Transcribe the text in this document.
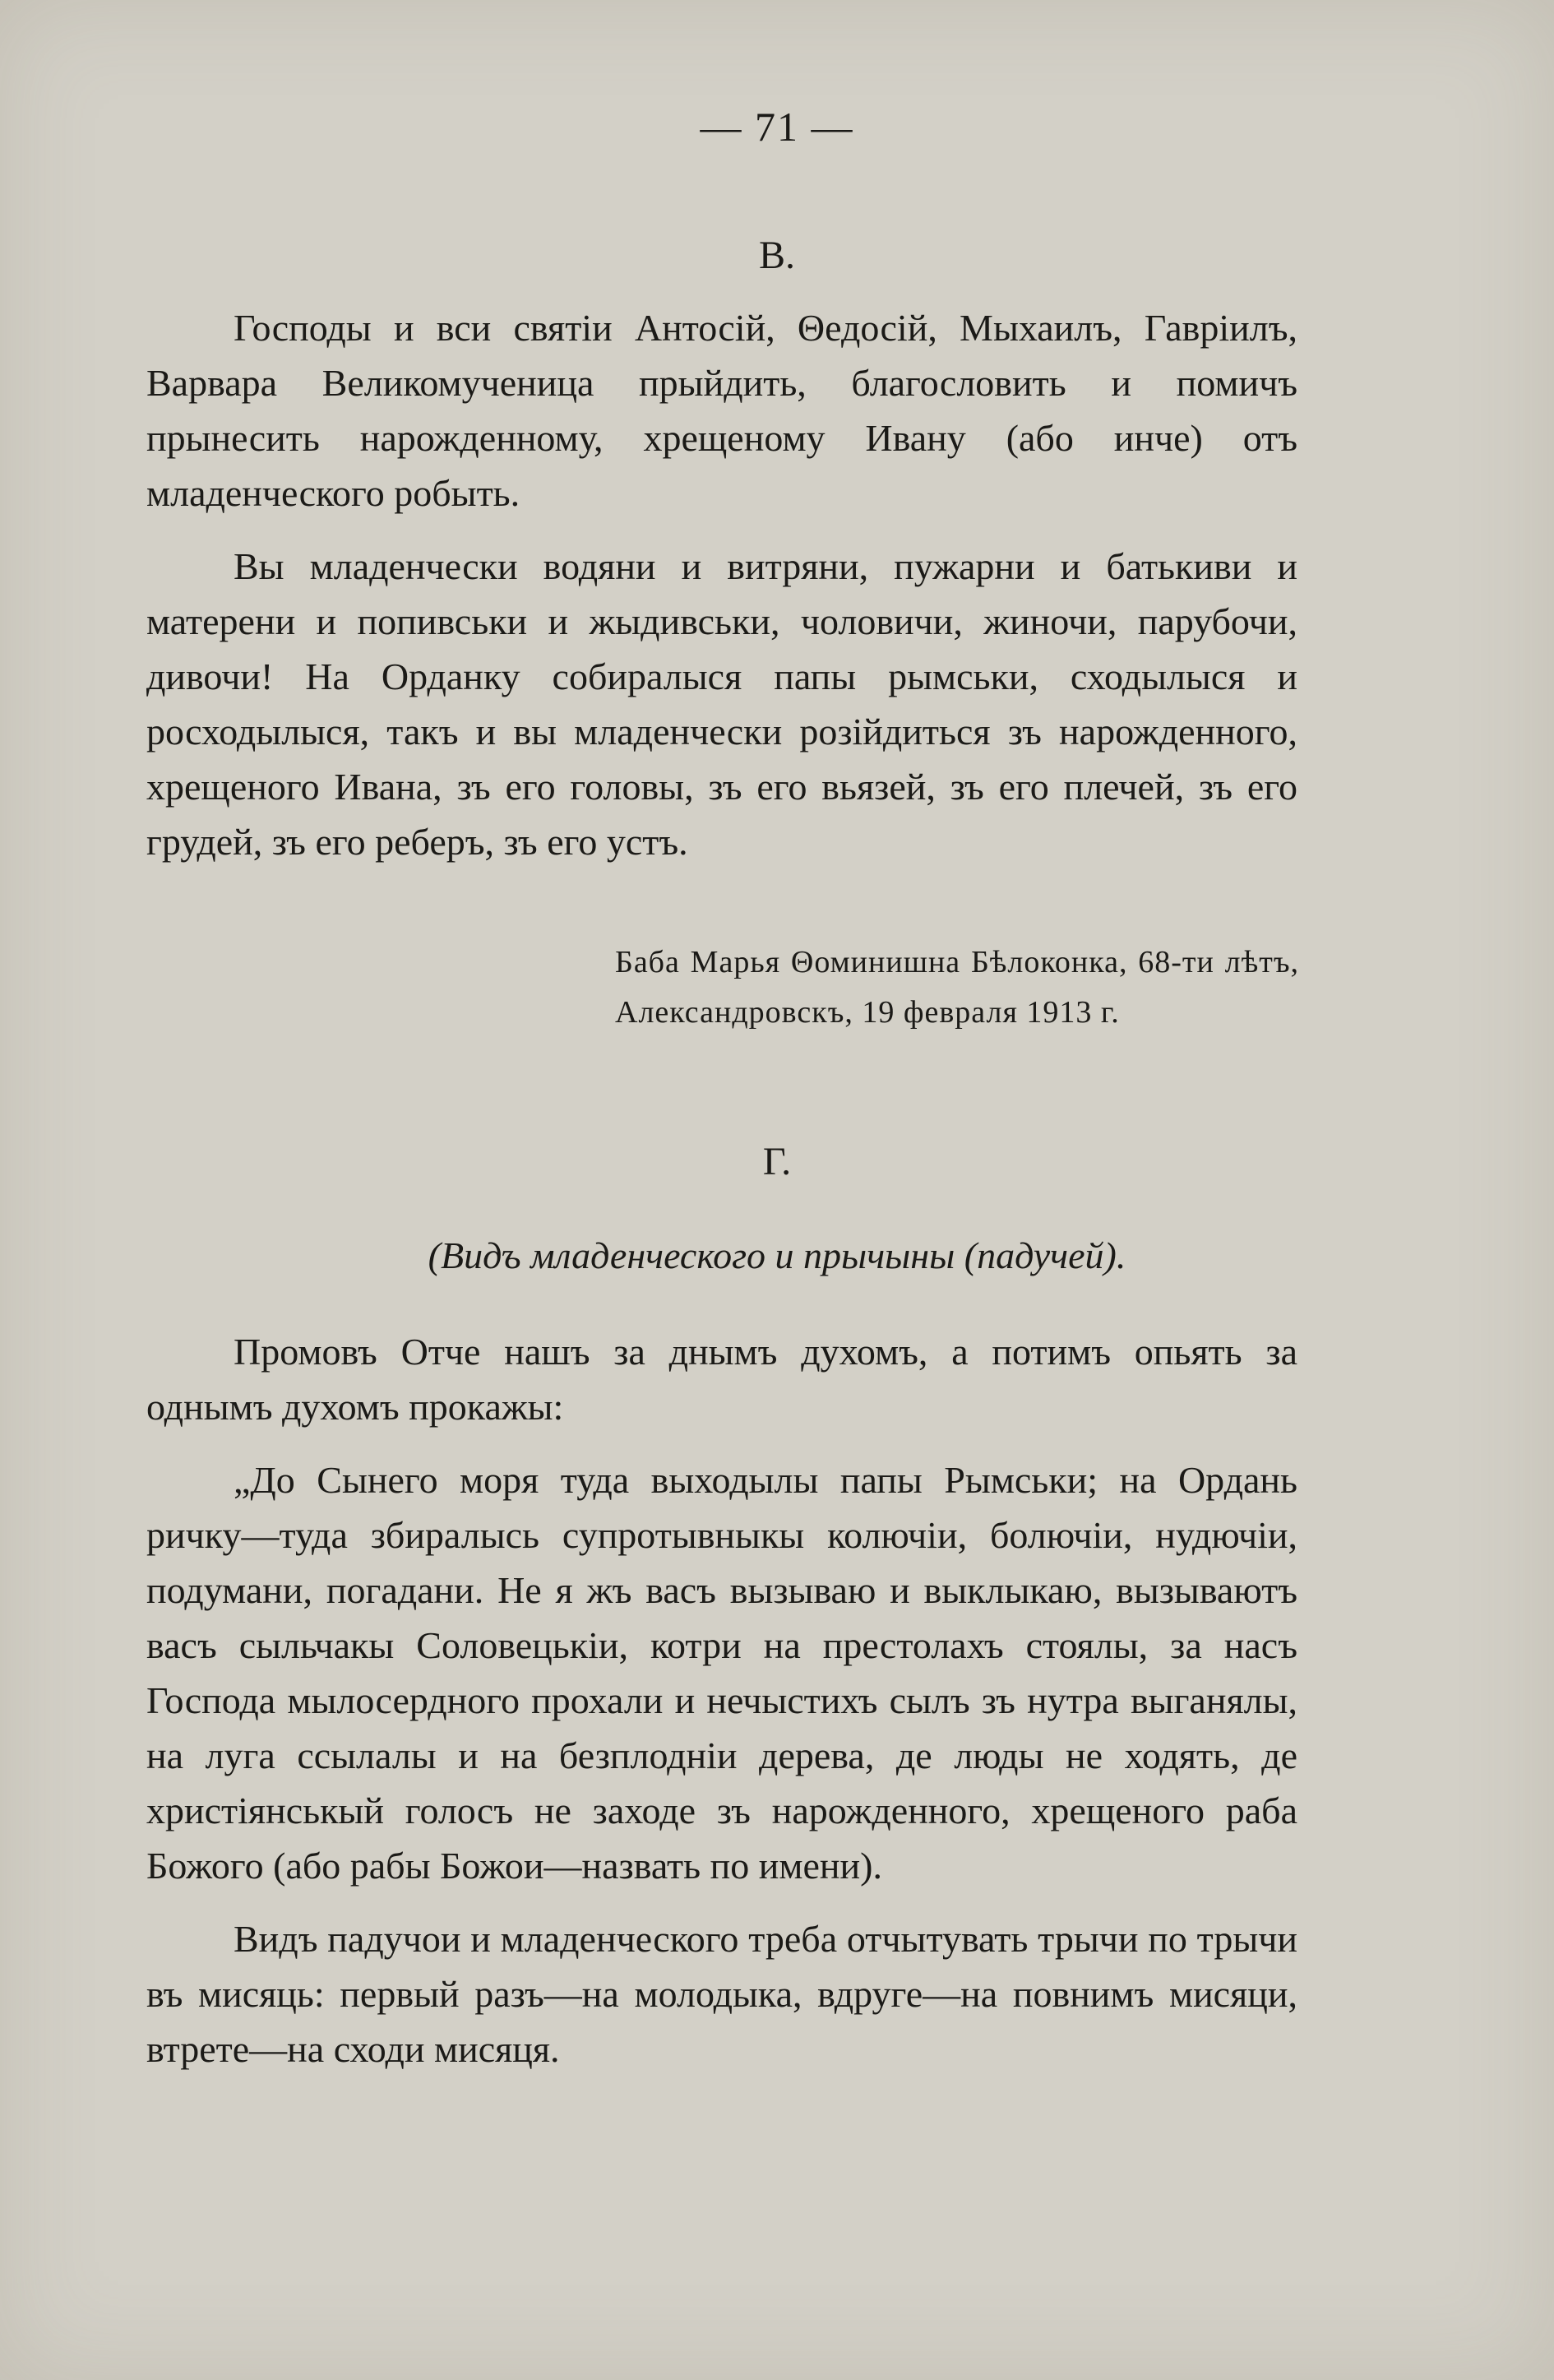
— 71 —
В.

Господы и вси святіи Антосій, Θедосій, Мыхаилъ, Гавріилъ, Варвара Великомученица прыйдить, благословить и помичъ прынесить нарожденному, хрещеному Ивану (або инче) отъ младенческого робыть.

Вы младенчески водяни и витряни, пужарни и батькиви и матерени и попивськи и жыдивськи, чоловичи, жиночи, парубочи, дивочи! На Орданку собиралыся папы рымськи, сходылыся и росходылыся, такъ и вы младенчески розійдиться зъ нарожденного, хрещеного Ивана, зъ его головы, зъ его вьязей, зъ его плечей, зъ его грудей, зъ его реберъ, зъ его устъ.

Баба Марья Θоминишна Бѣлоконка, 68-ти лѣтъ, Александровскъ, 19 февраля 1913 г.
Г.
(Видъ младенческого и прычыны (падучей).

Промовъ Отче нашъ за днымъ духомъ, а потимъ опьять за однымъ духомъ прокажы:

„До Сынего моря туда выходылы папы Рымськи; на Ордань ричку—туда збиралысь супротывныкы колючіи, болючіи, нудючіи, подумани, погадани. Не я жъ васъ вызываю и выклыкаю, вызываютъ васъ сыльчакы Соловецькіи, котри на престолахъ стоялы, за насъ Господа мылосердного прохали и нечыстихъ сылъ зъ нутра выганялы, на луга ссылалы и на безплодніи дерева, де люды не ходять, де христіянськый голосъ не заходе зъ нарожденного, хрещеного раба Божого (або рабы Божои—назвать по имени).

Видъ падучои и младенческого треба отчытувать трычи по трычи въ мисяць: первый разъ—на молодыка, вдруге—на повнимъ мисяци, втрете—на сходи мисяця.
